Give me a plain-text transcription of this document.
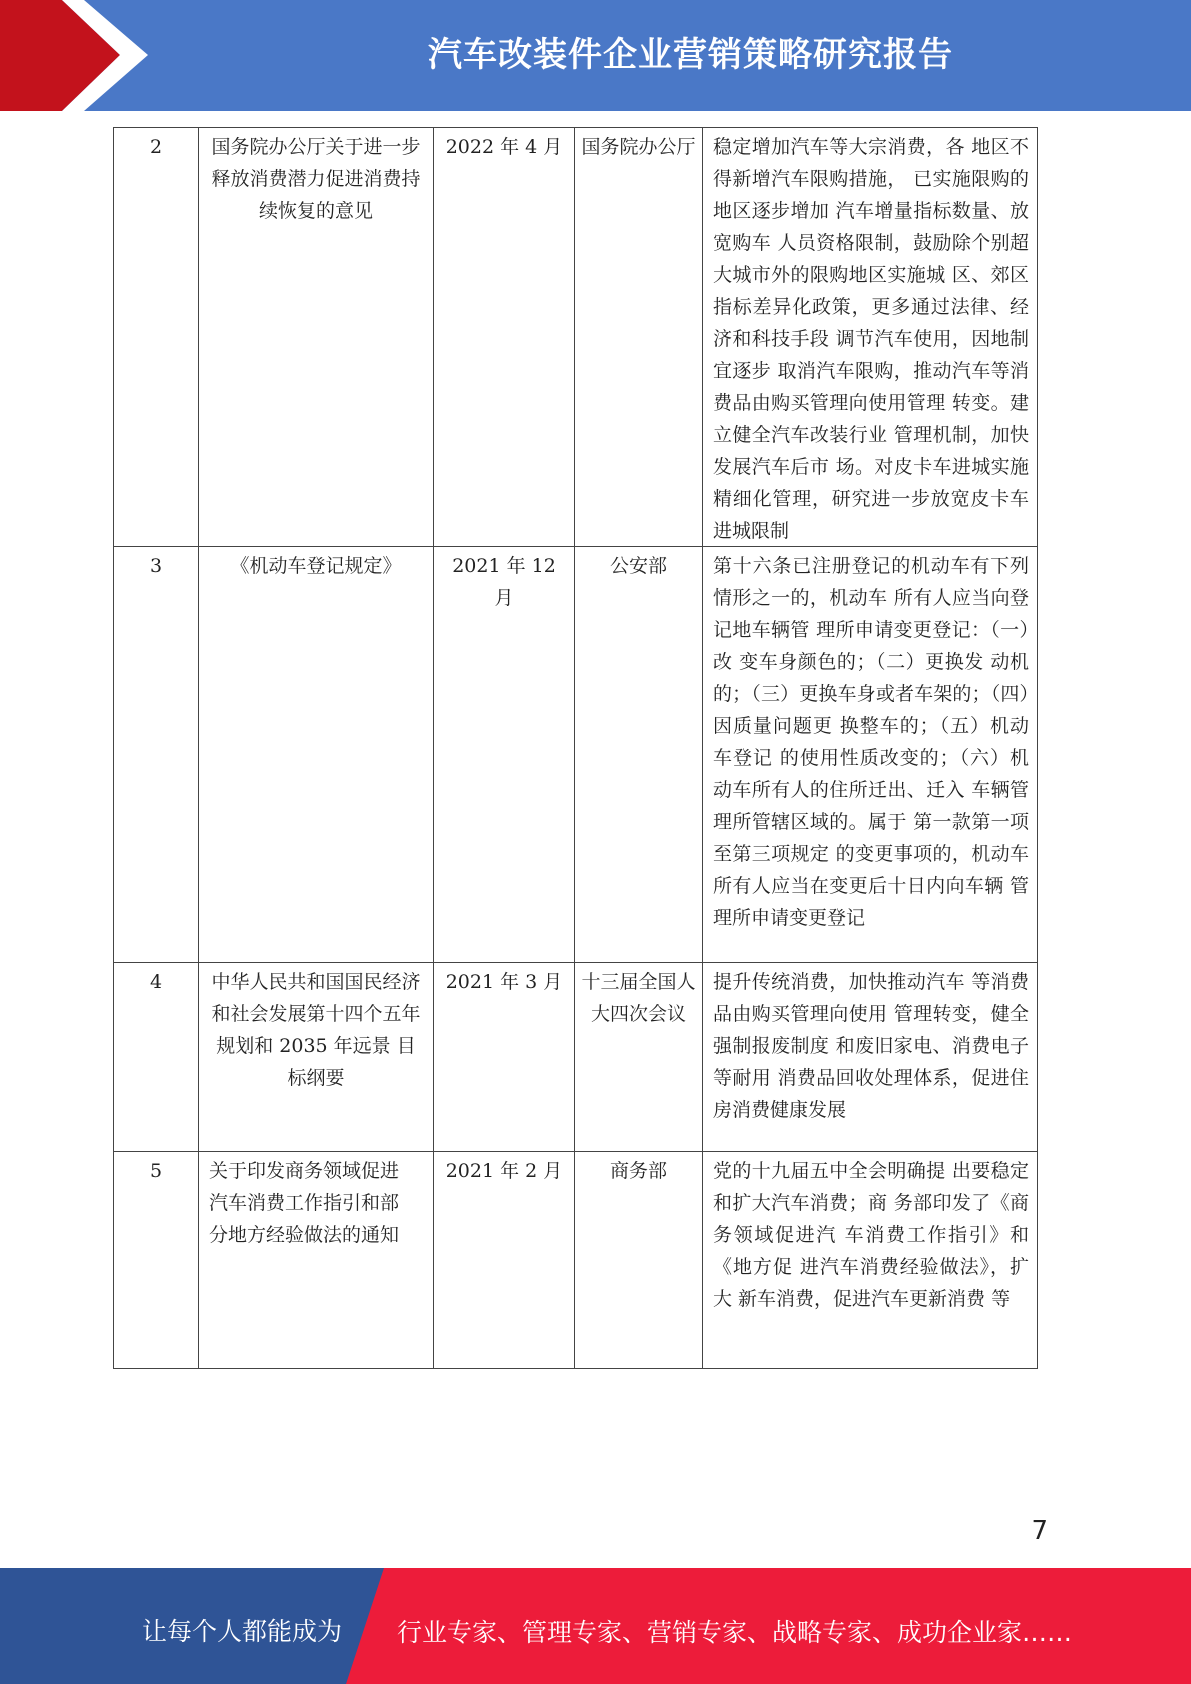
汽车改装件企业营销策略研究报告
2	国务院办公厅关于进一步释放消费潜力促进消费持续恢复的意见	2022 年 4 月	国务院办公厅	稳定增加汽车等大宗消费，各 地区不得新增汽车限购措施， 已实施限购的地区逐步增加 汽车增量指标数量、放宽购车 人员资格限制，鼓励除个别超 大城市外的限购地区实施城 区、郊区指标差异化政策，更多通过法律、经济和科技手段 调节汽车使用，因地制宜逐步 取消汽车限购，推动汽车等消 费品由购买管理向使用管理 转变。建立健全汽车改装行业 管理机制，加快发展汽车后市 场。对皮卡车进城实施精细化管理，研究进一步放宽皮卡车 进城限制

3	《机动车登记规定》	2021 年 12 月	公安部	第十六条已注册登记的机动车有下列情形之一的，机动车 所有人应当向登记地车辆管 理所申请变更登记：（一）改 变车身颜色的；（二）更换发 动机的；（三）更换车身或者车架的；（四）因质量问题更 换整车的；（五）机动车登记 的使用性质改变的；（六）机 动车所有人的住所迁出、迁入 车辆管理所管辖区域的。属于 第一款第一项至第三项规定 的变更事项的，机动车所有人应当在变更后十日内向车辆 管理所申请变更登记
4	中华人民共和国国民经济和社会发展第十四个五年规划和 2035 年远景 目标纲要	2021 年 3 月	十三届全国人大四次会议	提升传统消费，加快推动汽车 等消费品由购买管理向使用 管理转变，健全强制报废制度 和废旧家电、消费电子等耐用 消费品回收处理体系，促进住 房消费健康发展
5	关于印发商务领域促进 汽车消费工作指引和部 分地方经验做法的通知	2021 年 2 月	商务部	党的十九届五中全会明确提 出要稳定和扩大汽车消费；商 务部印发了《商务领域促进汽 车消费工作指引》和《地方促 进汽车消费经验做法》，扩大 新车消费，促进汽车更新消费 等
7
让每个人都能成为 行业专家、管理专家、营销专家、战略专家、成功企业家……
